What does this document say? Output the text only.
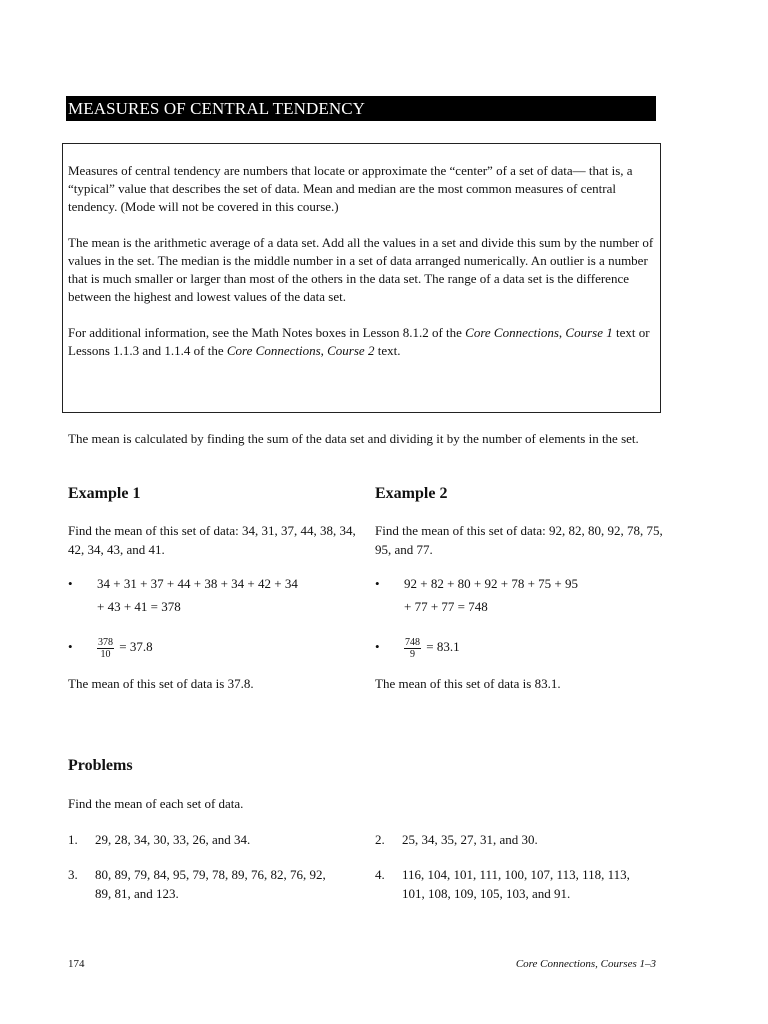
MEASURES OF CENTRAL TENDENCY

Measures of central tendency are numbers that locate or approximate the “center” of a set of data— that is, a “typical” value that describes the set of data. Mean and median are the most common measures of central tendency. (Mode will not be covered in this course.)

The mean is the arithmetic average of a data set. Add all the values in a set and divide this sum by the number of values in the set. The median is the middle number in a set of data arranged numerically. An outlier is a number that is much smaller or larger than most of the others in the data set. The range of a data set is the difference between the highest and lowest values of the data set.

For additional information, see the Math Notes boxes in Lesson 8.1.2 of the Core Connections, Course 1 text or Lessons 1.1.3 and 1.1.4 of the Core Connections, Course 2 text.

The mean is calculated by finding the sum of the data set and dividing it by the number of elements in the set.
Example 1
Find the mean of this set of data: 34, 31, 37, 44, 38, 34, 42, 34, 43, and 41.
• 34 + 31 + 37 + 44 + 38 + 34 + 42 + 34
+ 43 + 41 = 378
• $\frac{378}{10} = 37.8$
The mean of this set of data is 37.8.
Example 2
Find the mean of this set of data: 92, 82, 80, 92, 78, 75, 95, and 77.
• 92 + 82 + 80 + 92 + 78 + 75 + 95
+ 77 + 77 = 748
• $\frac{748}{9} = 83.1$
The mean of this set of data is 83.1.
Problems
Find the mean of each set of data.
1.	29, 28, 34, 30, 33, 26, and 34.	2.	25, 34, 35, 27, 31, and 30.
3.	80, 89, 79, 84, 95, 79, 78, 89, 76, 82, 76, 92, 89, 81, and 123.
4.	116, 104, 101, 111, 100, 107, 113, 118, 113, 101, 108, 109, 105, 103, and 91.
174	Core Connections, Courses 1–3
